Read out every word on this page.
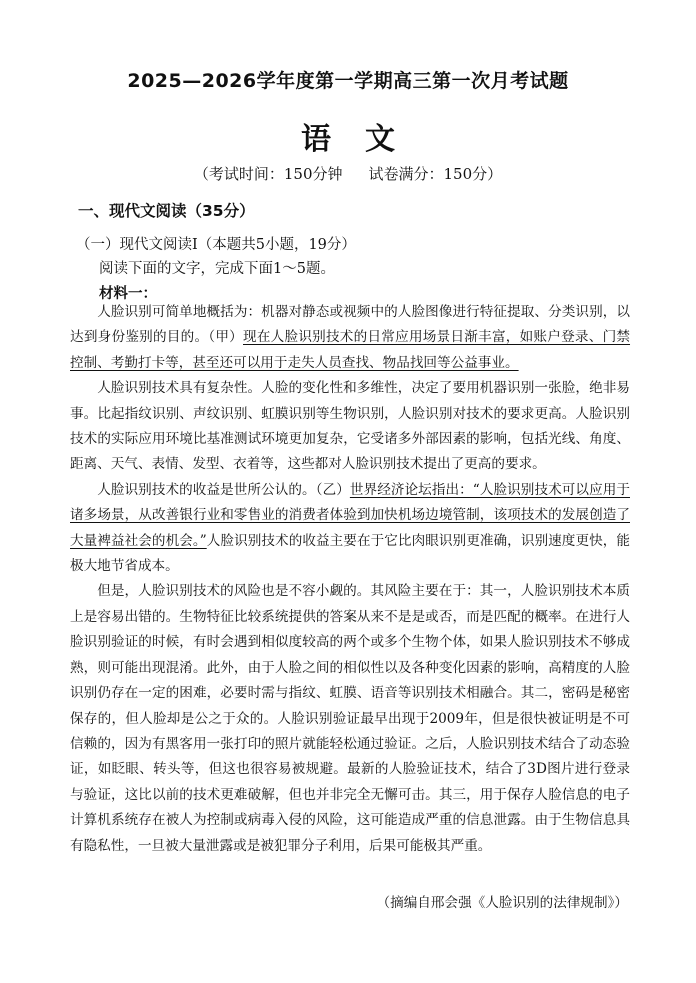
2025—2026学年度第一学期高三第一次月考试题
语 文
（考试时间：150分钟 试卷满分：150分）
一、现代文阅读（35分）
（一）现代文阅读Ⅰ（本题共5小题，19分）
阅读下面的文字，完成下面1～5题。
材料一：

人脸识别可简单地概括为：机器对静态或视频中的人脸图像进行特征提取、分类识别，以达到身份鉴别的目的。（甲）现在人脸识别技术的日常应用场景日渐丰富，如账户登录、门禁控制、考勤打卡等，甚至还可以用于走失人员查找、物品找回等公益事业。

人脸识别技术具有复杂性。人脸的变化性和多维性，决定了要用机器识别一张脸，绝非易事。比起指纹识别、声纹识别、虹膜识别等生物识别，人脸识别对技术的要求更高。人脸识别技术的实际应用环境比基准测试环境更加复杂，它受诸多外部因素的影响，包括光线、角度、距离、天气、表情、发型、衣着等，这些都对人脸识别技术提出了更高的要求。

人脸识别技术的收益是世所公认的。（乙）世界经济论坛指出：“人脸识别技术可以应用于诸多场景，从改善银行业和零售业的消费者体验到加快机场边境管制，该项技术的发展创造了大量裨益社会的机会。”人脸识别技术的收益主要在于它比肉眼识别更准确，识别速度更快，能极大地节省成本。

但是，人脸识别技术的风险也是不容小觑的。其风险主要在于：其一，人脸识别技术本质上是容易出错的。生物特征比较系统提供的答案从来不是是或否，而是匹配的概率。在进行人脸识别验证的时候，有时会遇到相似度较高的两个或多个生物个体，如果人脸识别技术不够成熟，则可能出现混淆。此外，由于人脸之间的相似性以及各种变化因素的影响，高精度的人脸识别仍存在一定的困难，必要时需与指纹、虹膜、语音等识别技术相融合。其二，密码是秘密保存的，但人脸却是公之于众的。人脸识别验证最早出现于2009年，但是很快被证明是不可信赖的，因为有黑客用一张打印的照片就能轻松通过验证。之后，人脸识别技术结合了动态验证，如眨眼、转头等，但这也很容易被规避。最新的人脸验证技术，结合了3D图片进行登录与验证，这比以前的技术更难破解，但也并非完全无懈可击。其三，用于保存人脸信息的电子计算机系统存在被人为控制或病毒入侵的风险，这可能造成严重的信息泄露。由于生物信息具有隐私性，一旦被大量泄露或是被犯罪分子利用，后果可能极其严重。

（摘编自邢会强《人脸识别的法律规制》）
